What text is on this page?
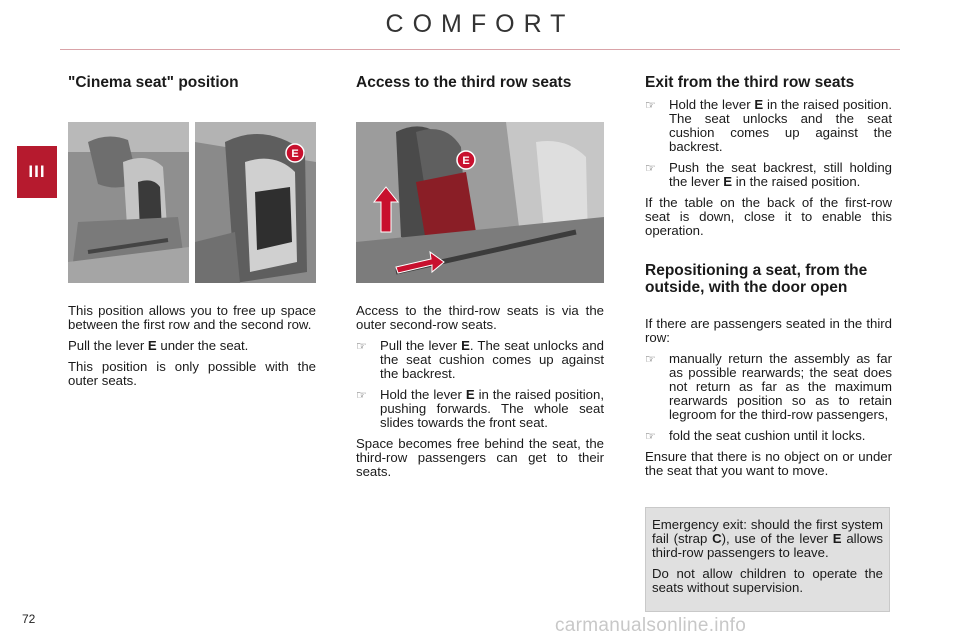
COMFORT
III
"Cinema seat" position
E

This position allows you to free up space between the first row and the second row.

Pull the lever E under the seat.

This position is only possible with the outer seats.

Access to the third row seats
E

Access to the third-row seats is via the outer second-row seats.

☞ Pull the lever E. The seat unlocks and the seat cushion comes up against the backrest.
☞ Hold the lever E in the raised position, pushing forwards. The whole seat slides towards the front seat.

Space becomes free behind the seat, the third-row passengers can get to their seats.

Exit from the third row seats
☞ Hold the lever E in the raised position. The seat unlocks and the seat cushion comes up against the backrest.
☞ Push the seat backrest, still holding the lever E in the raised position.

If the table on the back of the first-row seat is down, close it to enable this operation.

Repositioning a seat, from the outside, with the door open

If there are passengers seated in the third row:

☞ manually return the assembly as far as possible rearwards; the seat does not return as far as the maximum rearwards position so as to retain legroom for the third-row passengers,
☞ fold the seat cushion until it locks.

Ensure that there is no object on or under the seat that you want to move.

Emergency exit: should the first system fail (strap C), use of the lever E allows third-row passengers to leave.

Do not allow children to operate the seats without supervision.

72	carmanualsonline.info
